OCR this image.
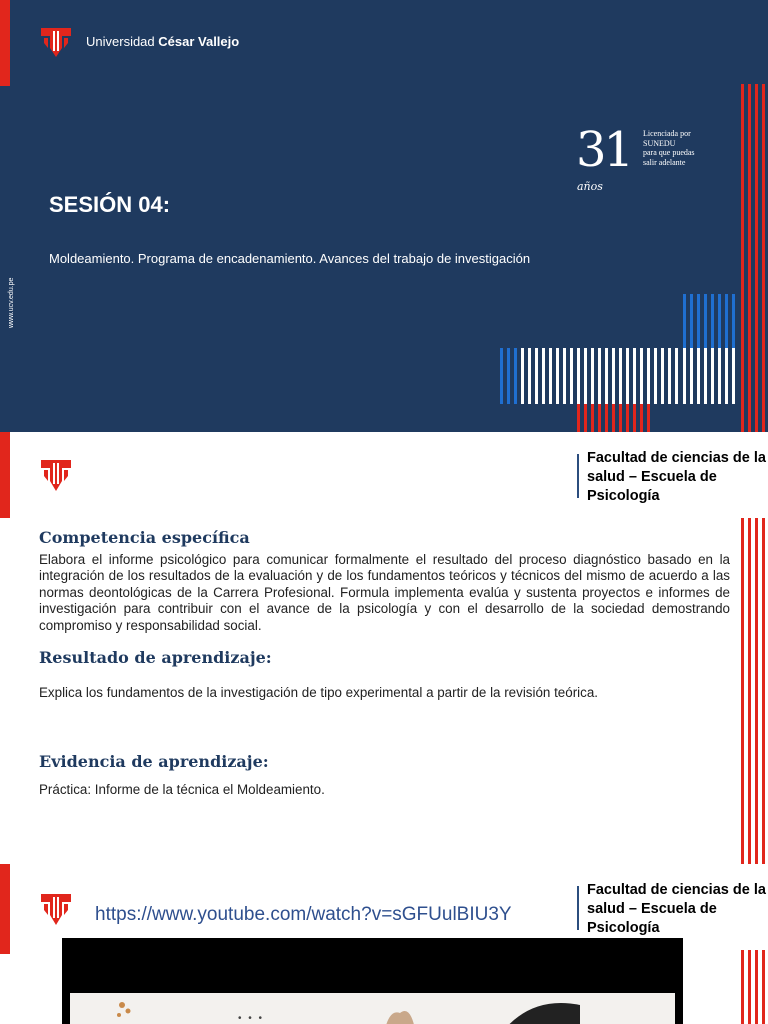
Universidad César Vallejo
31
años
Licenciada por
SUNEDU
para que puedas
salir adelante
SESIÓN 04:
Moldeamiento. Programa de encadenamiento. Avances del trabajo de investigación
www.ucv.edu.pe
Facultad de ciencias de la salud – Escuela de Psicología
Competencia específica
Elabora el informe psicológico para comunicar formalmente el resultado del proceso diagnóstico basado en la integración de los resultados de la evaluación y de los fundamentos teóricos y técnicos del mismo de acuerdo a las normas deontológicas de la Carrera Profesional. Formula implementa evalúa y sustenta proyectos e informes de investigación para contribuir con el avance de la psicología y con el desarrollo de la sociedad demostrando compromiso y responsabilidad social.
Resultado de aprendizaje:
Explica los fundamentos de la investigación de tipo experimental a partir de la revisión teórica.
Evidencia de aprendizaje:
Práctica: Informe de la técnica el Moldeamiento.
https://www.youtube.com/watch?v=sGFUulBIU3Y
Facultad de ciencias de la salud – Escuela de Psicología
• • •
